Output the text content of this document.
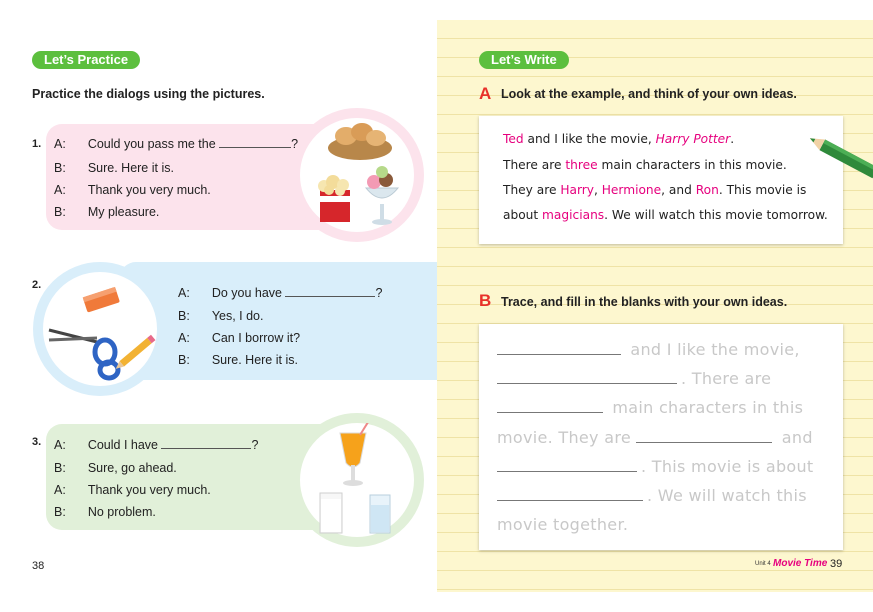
Let’s Practice
Practice the dialogs using the pictures.
1. A: Could you pass me the	?
B: Sure. Here it is.
A: Thank you very much.
B: My pleasure.
2.
A: Do you have	?
B: Yes, I do.
A: Can I borrow it?
B: Sure. Here it is.
3. A: Could I have	?
B: Sure, go ahead.
A: Thank you very much.
B: No problem.
38
Let’s Write
A Look at the example, and think of your own ideas.
Ted and I like the movie, Harry Potter.
There are three main characters in this movie.
They are Harry, Hermione, and Ron. This movie is
about magicians. We will watch this movie tomorrow.
B Trace, and fill in the blanks with your own ideas.
and I like the movie,
. There are
main characters in this
movie. They are	and
. This movie is about
. We will watch this
movie together.
Unit 4 Movie Time 39
